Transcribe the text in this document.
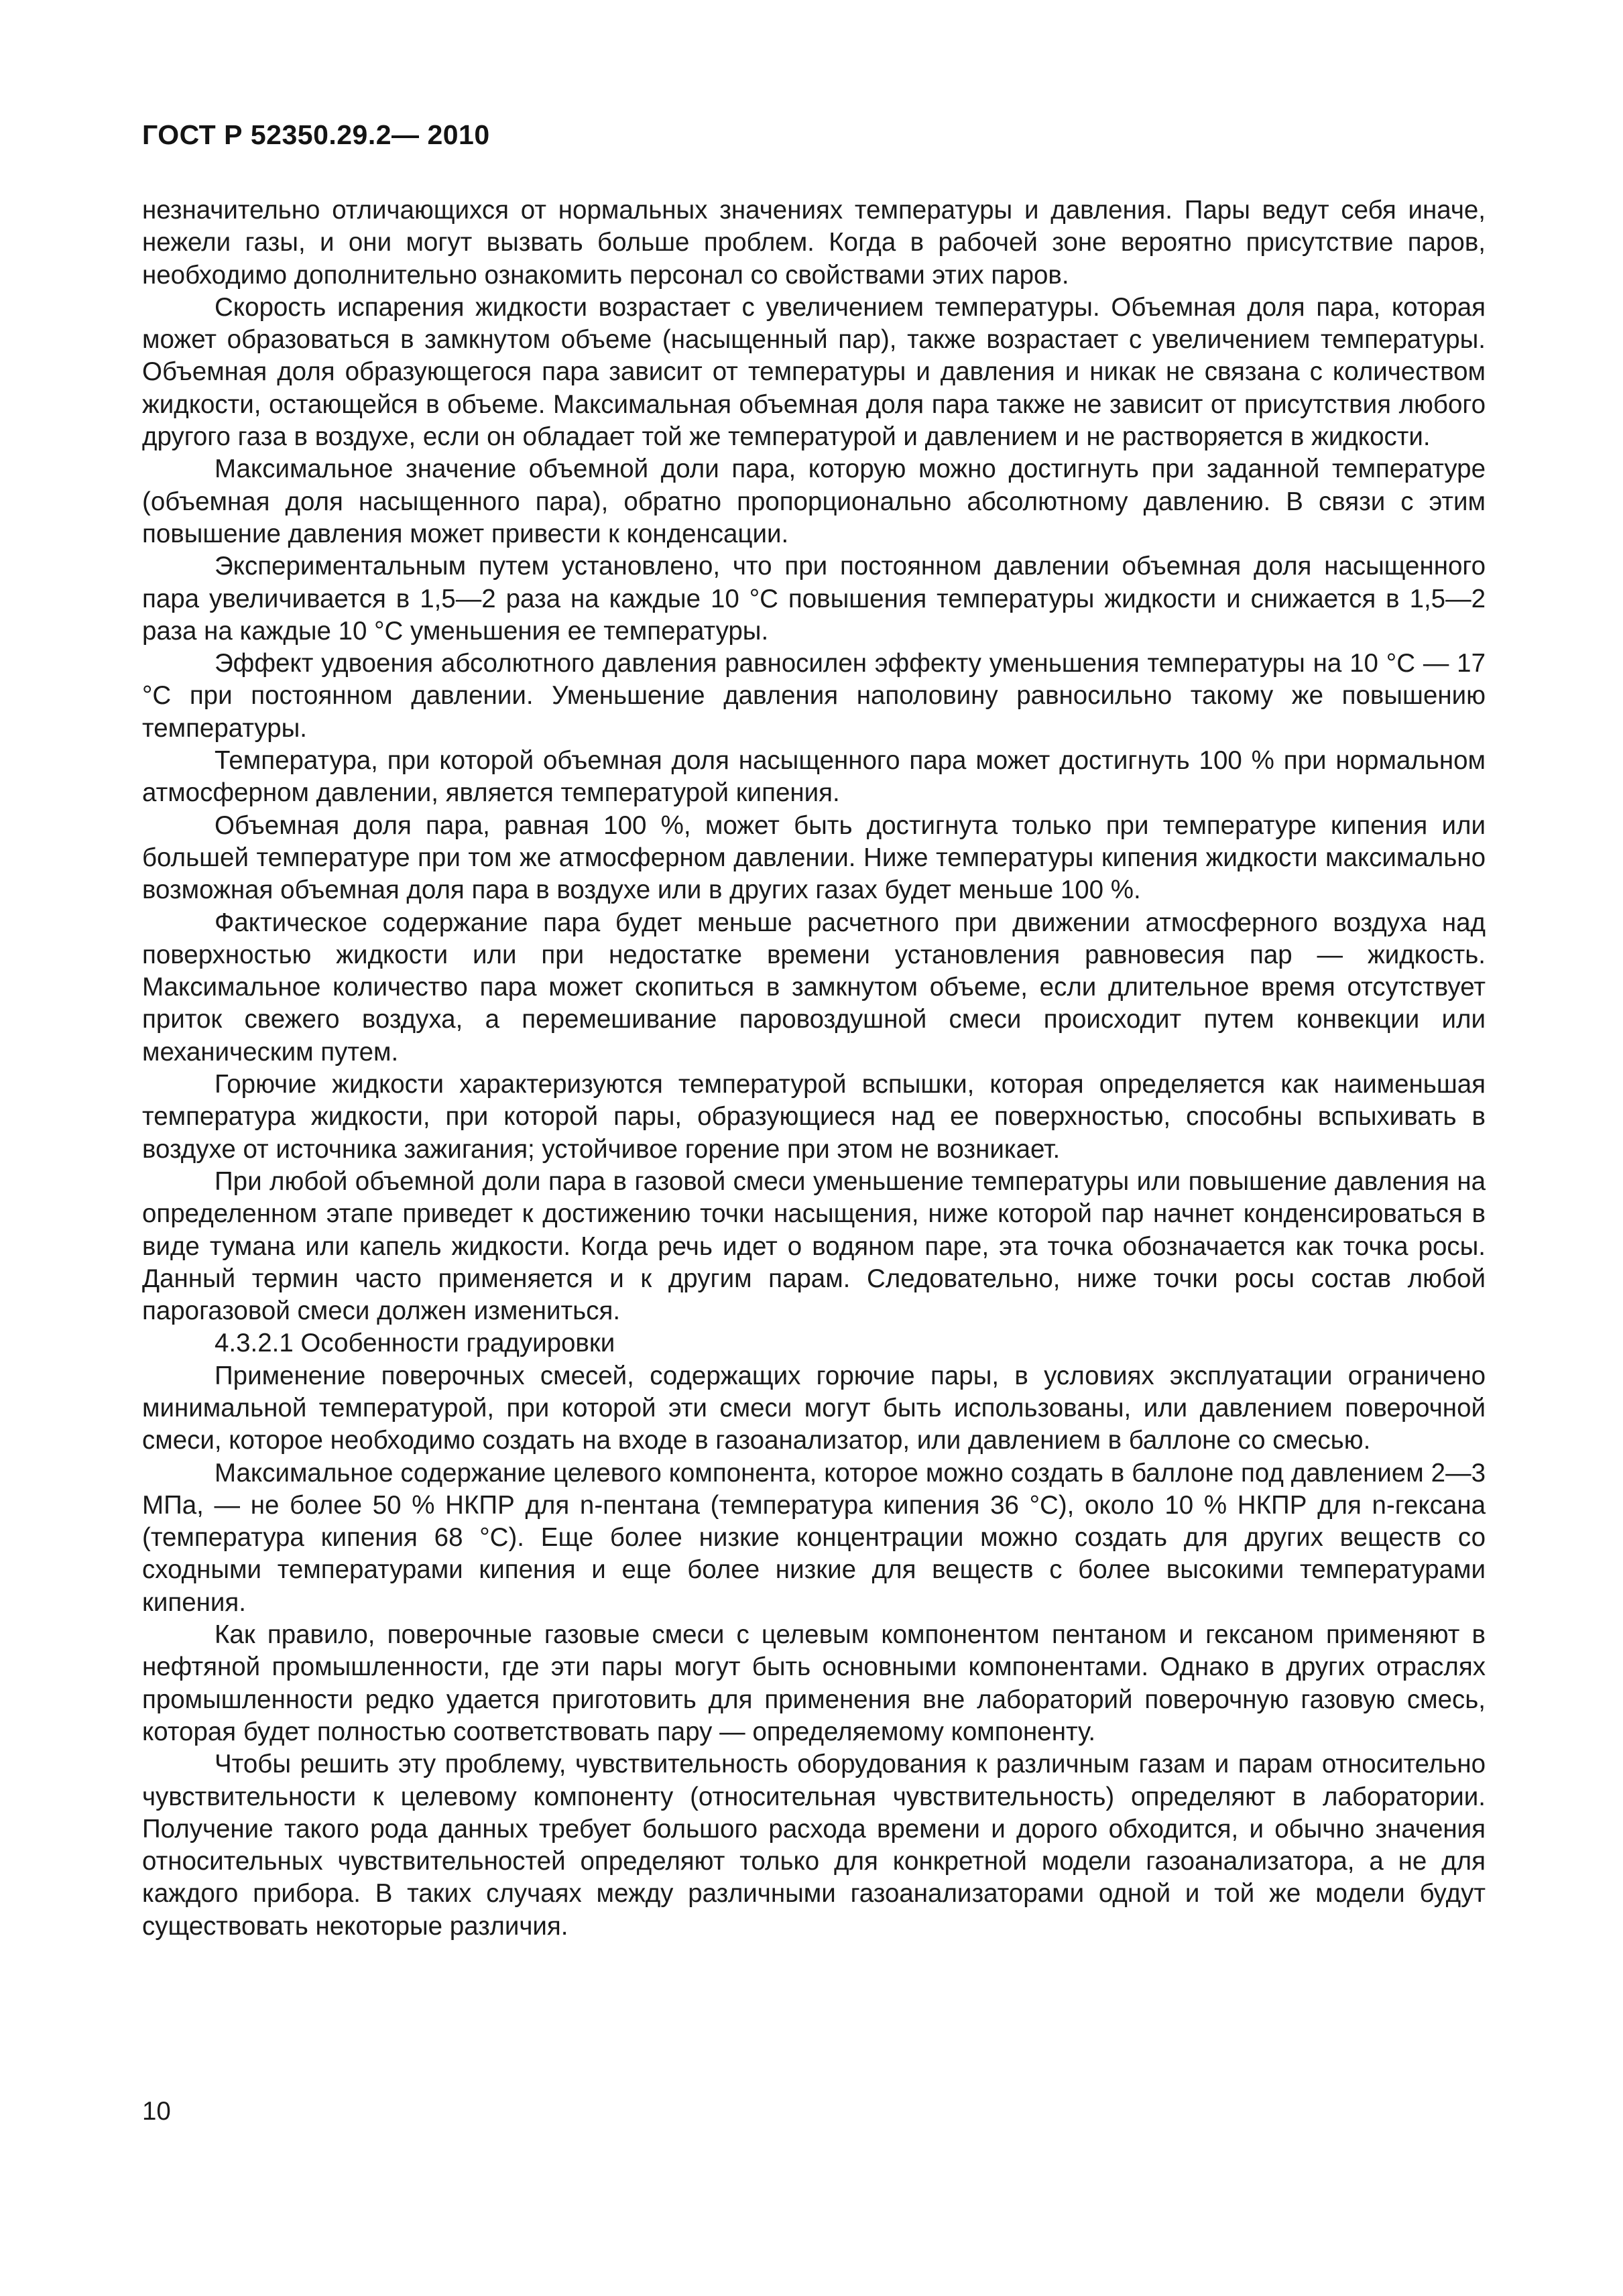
ГОСТ Р 52350.29.2— 2010

незначительно отличающихся от нормальных значениях температуры и давления. Пары ведут себя иначе, нежели газы, и они могут вызвать больше проблем. Когда в рабочей зоне вероятно присутствие паров, необходимо дополнительно ознакомить персонал со свойствами этих паров.

Скорость испарения жидкости возрастает с увеличением температуры. Объемная доля пара, которая может образоваться в замкнутом объеме (насыщенный пар), также возрастает с увеличением температуры. Объемная доля образующегося пара зависит от температуры и давления и никак не связана с количеством жидкости, остающейся в объеме. Максимальная объемная доля пара также не зависит от присутствия любого другого газа в воздухе, если он обладает той же температурой и давлением и не растворяется в жидкости.

Максимальное значение объемной доли пара, которую можно достигнуть при заданной температуре (объемная доля насыщенного пара), обратно пропорционально абсолютному давлению. В связи с этим повышение давления может привести к конденсации.

Экспериментальным путем установлено, что при постоянном давлении объемная доля насыщенного пара увеличивается в 1,5—2 раза на каждые 10 °С повышения температуры жидкости и снижается в 1,5—2 раза на каждые 10 °С уменьшения ее температуры.

Эффект удвоения абсолютного давления равносилен эффекту уменьшения температуры на 10 °С — 17 °С при постоянном давлении. Уменьшение давления наполовину равносильно такому же повышению температуры.

Температура, при которой объемная доля насыщенного пара может достигнуть 100 % при нормальном атмосферном давлении, является температурой кипения.

Объемная доля пара, равная 100 %, может быть достигнута только при температуре кипения или большей температуре при том же атмосферном давлении. Ниже температуры кипения жидкости максимально возможная объемная доля пара в воздухе или в других газах будет меньше 100 %.

Фактическое содержание пара будет меньше расчетного при движении атмосферного воздуха над поверхностью жидкости или при недостатке времени установления равновесия пар — жидкость. Максимальное количество пара может скопиться в замкнутом объеме, если длительное время отсутствует приток свежего воздуха, а перемешивание паровоздушной смеси происходит путем конвекции или механическим путем.

Горючие жидкости характеризуются температурой вспышки, которая определяется как наименьшая температура жидкости, при которой пары, образующиеся над ее поверхностью, способны вспыхивать в воздухе от источника зажигания; устойчивое горение при этом не возникает.

При любой объемной доли пара в газовой смеси уменьшение температуры или повышение давления на определенном этапе приведет к достижению точки насыщения, ниже которой пар начнет конденсироваться в виде тумана или капель жидкости. Когда речь идет о водяном паре, эта точка обозначается как точка росы. Данный термин часто применяется и к другим парам. Следовательно, ниже точки росы состав любой парогазовой смеси должен измениться.

4.3.2.1 Особенности градуировки

Применение поверочных смесей, содержащих горючие пары, в условиях эксплуатации ограничено минимальной температурой, при которой эти смеси могут быть использованы, или давлением поверочной смеси, которое необходимо создать на входе в газоанализатор, или давлением в баллоне со смесью.

Максимальное содержание целевого компонента, которое можно создать в баллоне под давлением 2—3 МПа, — не более 50 % НКПР для n-пентана (температура кипения 36 °С), около 10 % НКПР для n-гексана (температура кипения 68 °С). Еще более низкие концентрации можно создать для других веществ со сходными температурами кипения и еще более низкие для веществ с более высокими температурами кипения.

Как правило, поверочные газовые смеси с целевым компонентом пентаном и гексаном применяют в нефтяной промышленности, где эти пары могут быть основными компонентами. Однако в других отраслях промышленности редко удается приготовить для применения вне лабораторий поверочную газовую смесь, которая будет полностью соответствовать пару — определяемому компоненту.

Чтобы решить эту проблему, чувствительность оборудования к различным газам и парам относительно чувствительности к целевому компоненту (относительная чувствительность) определяют в лаборатории. Получение такого рода данных требует большого расхода времени и дорого обходится, и обычно значения относительных чувствительностей определяют только для конкретной модели газоанализатора, а не для каждого прибора. В таких случаях между различными газоанализаторами одной и той же модели будут существовать некоторые различия.

10
